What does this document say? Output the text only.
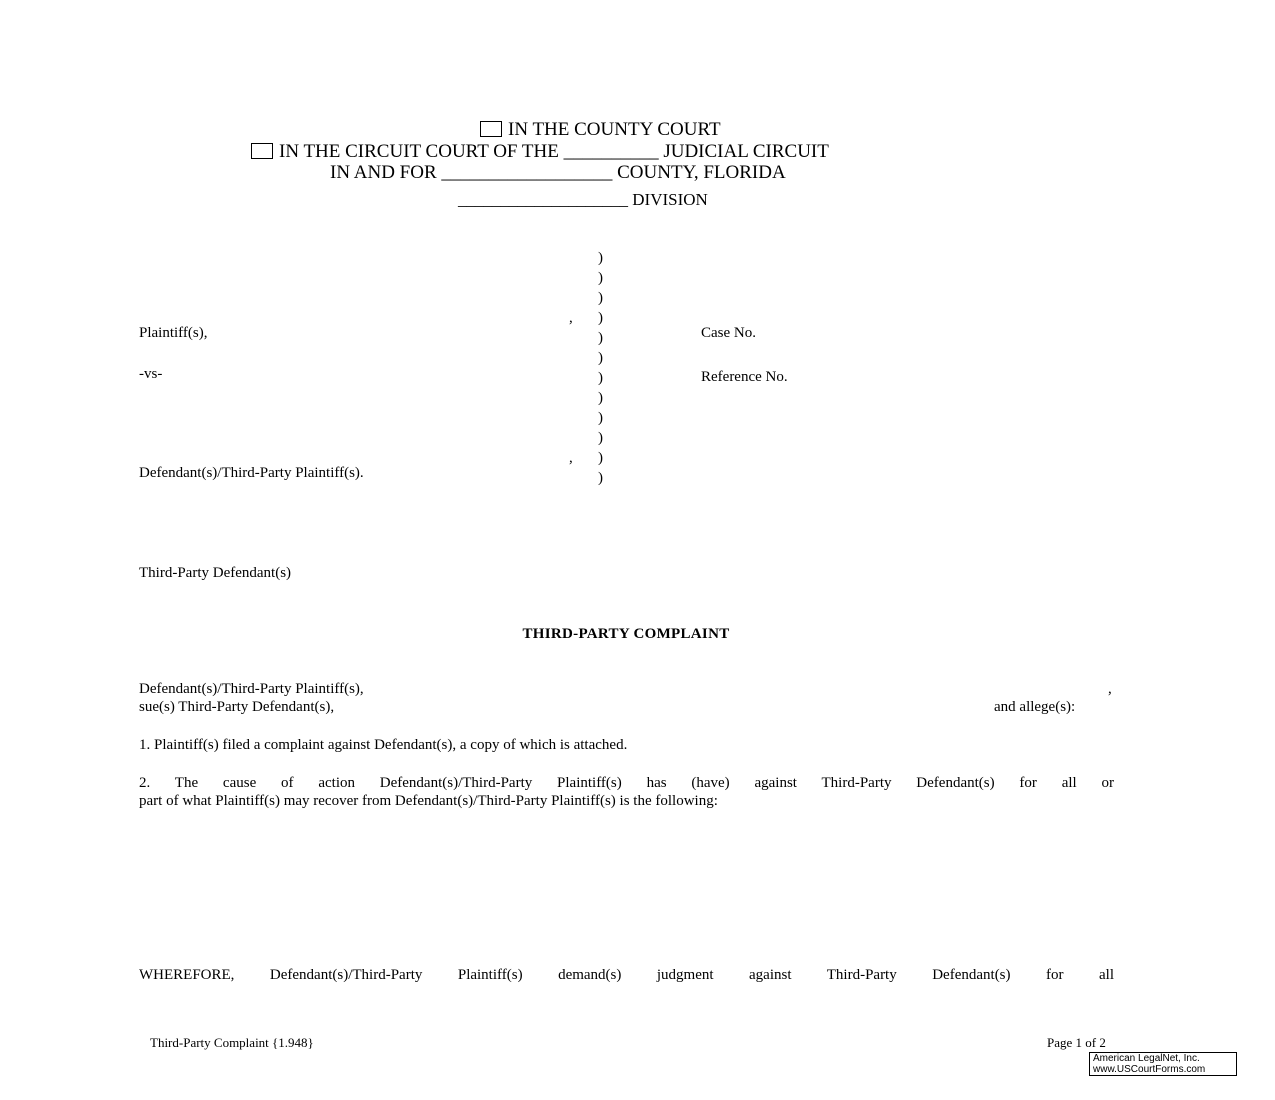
IN THE COUNTY COURT
IN THE CIRCUIT COURT OF THE __________ JUDICIAL CIRCUIT
IN AND FOR __________________ COUNTY, FLORIDA
____________________ DIVISION
)
)
)
)
)
)
)
)
)
)
)
)
,
,
Plaintiff(s),
-vs-
Defendant(s)/Third-Party Plaintiff(s).
Case No.
Reference No.
Third-Party Defendant(s)
THIRD-PARTY COMPLAINT
Defendant(s)/Third-Party Plaintiff(s),	,
sue(s) Third-Party Defendant(s),	and allege(s):
1. Plaintiff(s) filed a complaint against Defendant(s), a copy of which is attached.
2. The cause of action Defendant(s)/Third-Party Plaintiff(s) has (have) against Third-Party Defendant(s) for all or
part of what Plaintiff(s) may recover from Defendant(s)/Third-Party Plaintiff(s) is the following:
WHEREFORE, Defendant(s)/Third-Party Plaintiff(s) demand(s) judgment against Third-Party Defendant(s) for all
Third-Party Complaint {1.948}	Page 1 of 2
American LegalNet, Inc.
www.USCourtForms.com
